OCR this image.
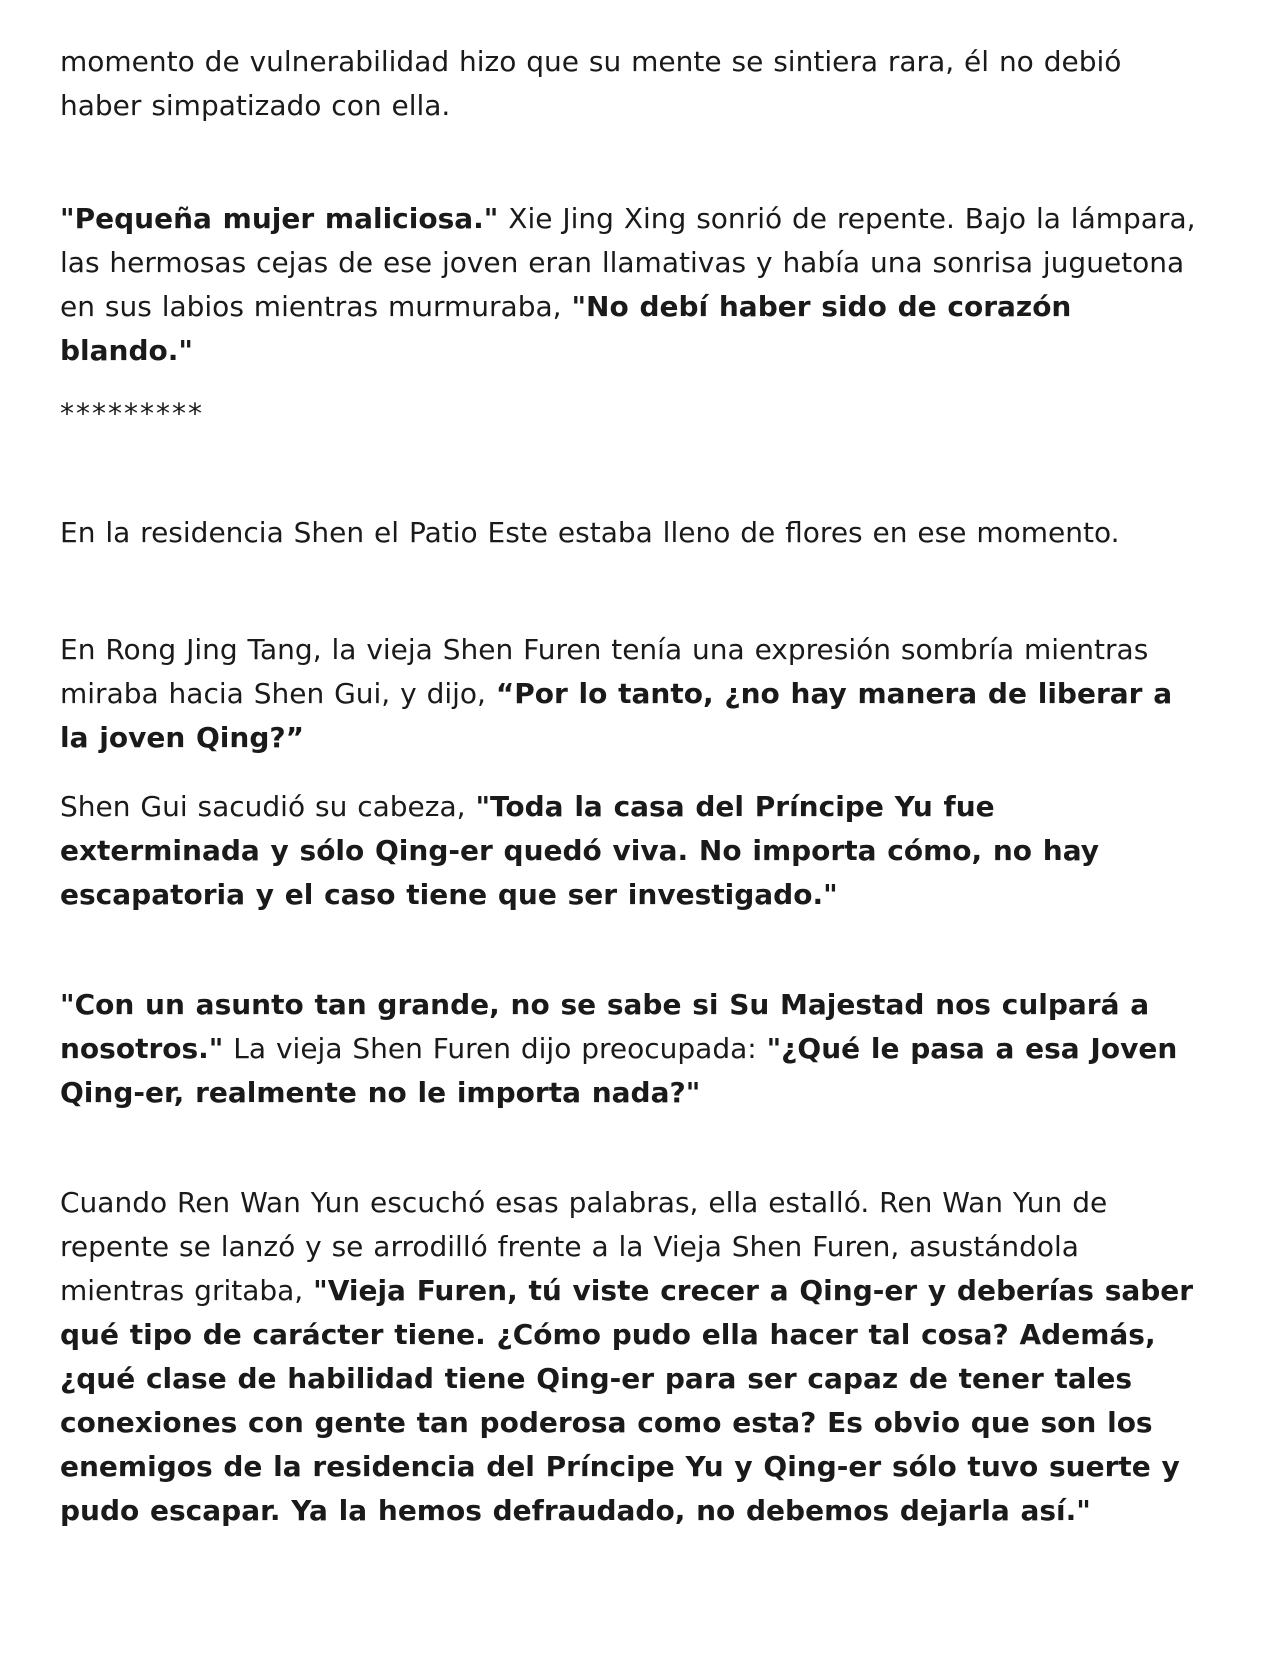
momento de vulnerabilidad hizo que su mente se sintiera rara, él no debió haber simpatizado con ella.

"Pequeña mujer maliciosa." Xie Jing Xing sonrió de repente. Bajo la lámpara, las hermosas cejas de ese joven eran llamativas y había una sonrisa juguetona en sus labios mientras murmuraba, "No debí haber sido de corazón blando."

*********

En la residencia Shen el Patio Este estaba lleno de flores en ese momento.

En Rong Jing Tang, la vieja Shen Furen tenía una expresión sombría mientras miraba hacia Shen Gui, y dijo, “Por lo tanto, ¿no hay manera de liberar a la joven Qing?”

Shen Gui sacudió su cabeza, "Toda la casa del Príncipe Yu fue exterminada y sólo Qing-er quedó viva. No importa cómo, no hay escapatoria y el caso tiene que ser investigado."

"Con un asunto tan grande, no se sabe si Su Majestad nos culpará a nosotros." La vieja Shen Furen dijo preocupada: "¿Qué le pasa a esa Joven Qing-er, realmente no le importa nada?"

Cuando Ren Wan Yun escuchó esas palabras, ella estalló. Ren Wan Yun de repente se lanzó y se arrodilló frente a la Vieja Shen Furen, asustándola mientras gritaba, "Vieja Furen, tú viste crecer a Qing-er y deberías saber qué tipo de carácter tiene. ¿Cómo pudo ella hacer tal cosa? Además, ¿qué clase de habilidad tiene Qing-er para ser capaz de tener tales conexiones con gente tan poderosa como esta? Es obvio que son los enemigos de la residencia del Príncipe Yu y Qing-er sólo tuvo suerte y pudo escapar. Ya la hemos defraudado, no debemos dejarla así."
